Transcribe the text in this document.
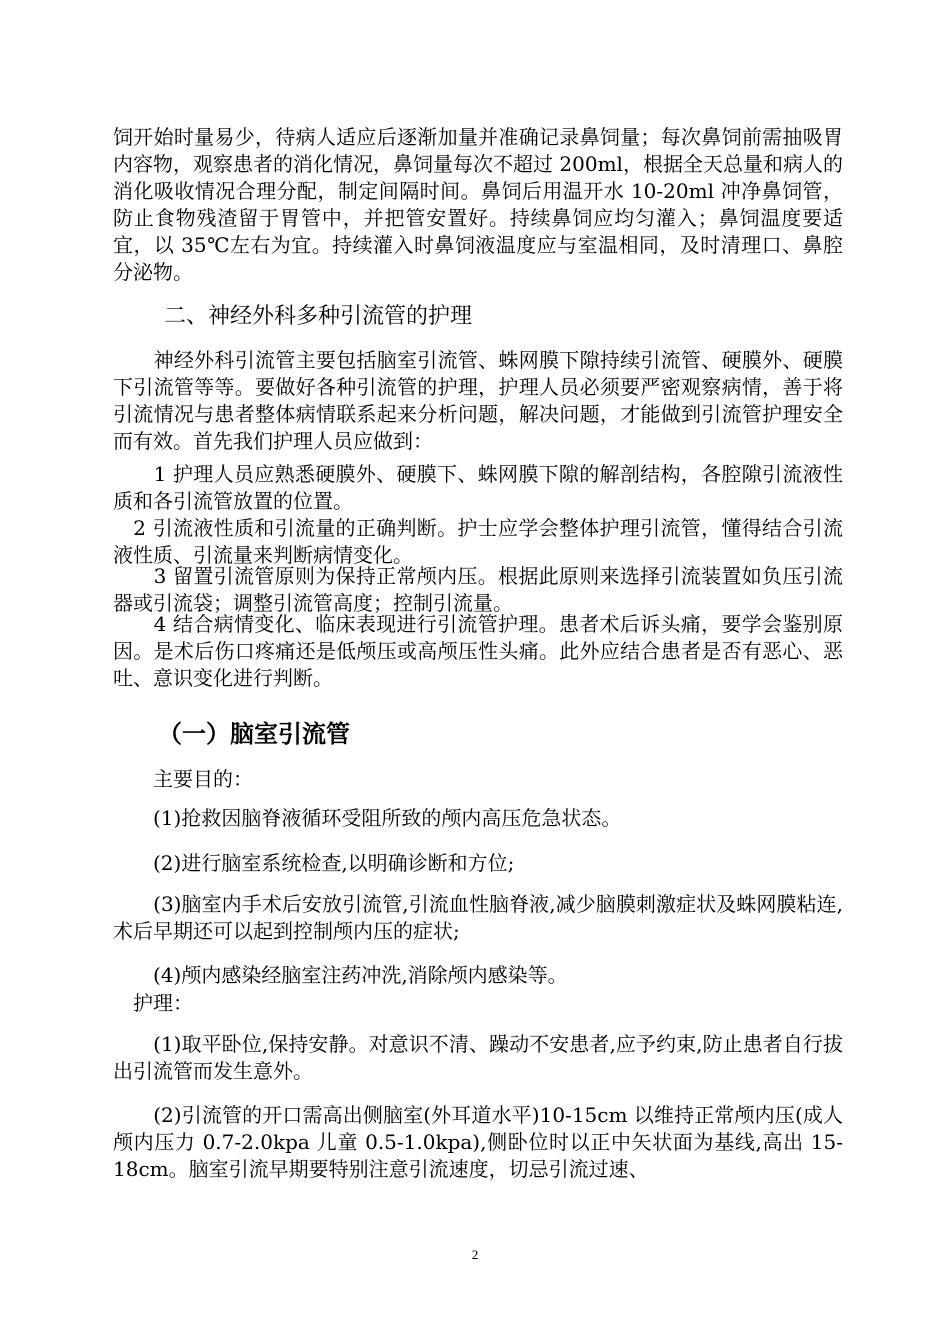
饲开始时量易少，待病人适应后逐渐加量并准确记录鼻饲量；每次鼻饲前需抽吸胃内容物，观察患者的消化情况，鼻饲量每次不超过 200ml，根据全天总量和病人的消化吸收情况合理分配，制定间隔时间。鼻饲后用温开水 10-20ml 冲净鼻饲管，防止食物残渣留于胃管中，并把管安置好。持续鼻饲应均匀灌入；鼻饲温度要适宜，以 35℃左右为宜。持续灌入时鼻饲液温度应与室温相同，及时清理口、鼻腔分泌物。

二、神经外科多种引流管的护理

　　神经外科引流管主要包括脑室引流管、蛛网膜下隙持续引流管、硬膜外、硬膜下引流管等等。要做好各种引流管的护理，护理人员必须要严密观察病情，善于将引流情况与患者整体病情联系起来分析问题，解决问题，才能做到引流管护理安全而有效。首先我们护理人员应做到：

　　1 护理人员应熟悉硬膜外、硬膜下、蛛网膜下隙的解剖结构，各腔隙引流液性质和各引流管放置的位置。

　2 引流液性质和引流量的正确判断。护士应学会整体护理引流管，懂得结合引流液性质、引流量来判断病情变化。

　　3 留置引流管原则为保持正常颅内压。根据此原则来选择引流装置如负压引流器或引流袋；调整引流管高度；控制引流量。

　　4 结合病情变化、临床表现进行引流管护理。患者术后诉头痛，要学会鉴别原因。是术后伤口疼痛还是低颅压或高颅压性头痛。此外应结合患者是否有恶心、恶吐、意识变化进行判断。

（一）脑室引流管

　　主要目的：

　　(1)抢救因脑脊液循环受阻所致的颅内高压危急状态。

　　(2)进行脑室系统检查,以明确诊断和方位;

　　(3)脑室内手术后安放引流管,引流血性脑脊液,减少脑膜刺激症状及蛛网膜粘连,术后早期还可以起到控制颅内压的症状;

　　(4)颅内感染经脑室注药冲洗,消除颅内感染等。

　护理：

　　(1)取平卧位,保持安静。对意识不清、躁动不安患者,应予约束,防止患者自行拔出引流管而发生意外。

　　(2)引流管的开口需高出侧脑室(外耳道水平)10-15cm 以维持正常颅内压(成人颅内压力 0.7-2.0kpa 儿童 0.5-1.0kpa),侧卧位时以正中矢状面为基线,高出 15-18cm。脑室引流早期要特别注意引流速度，切忌引流过速、

2
